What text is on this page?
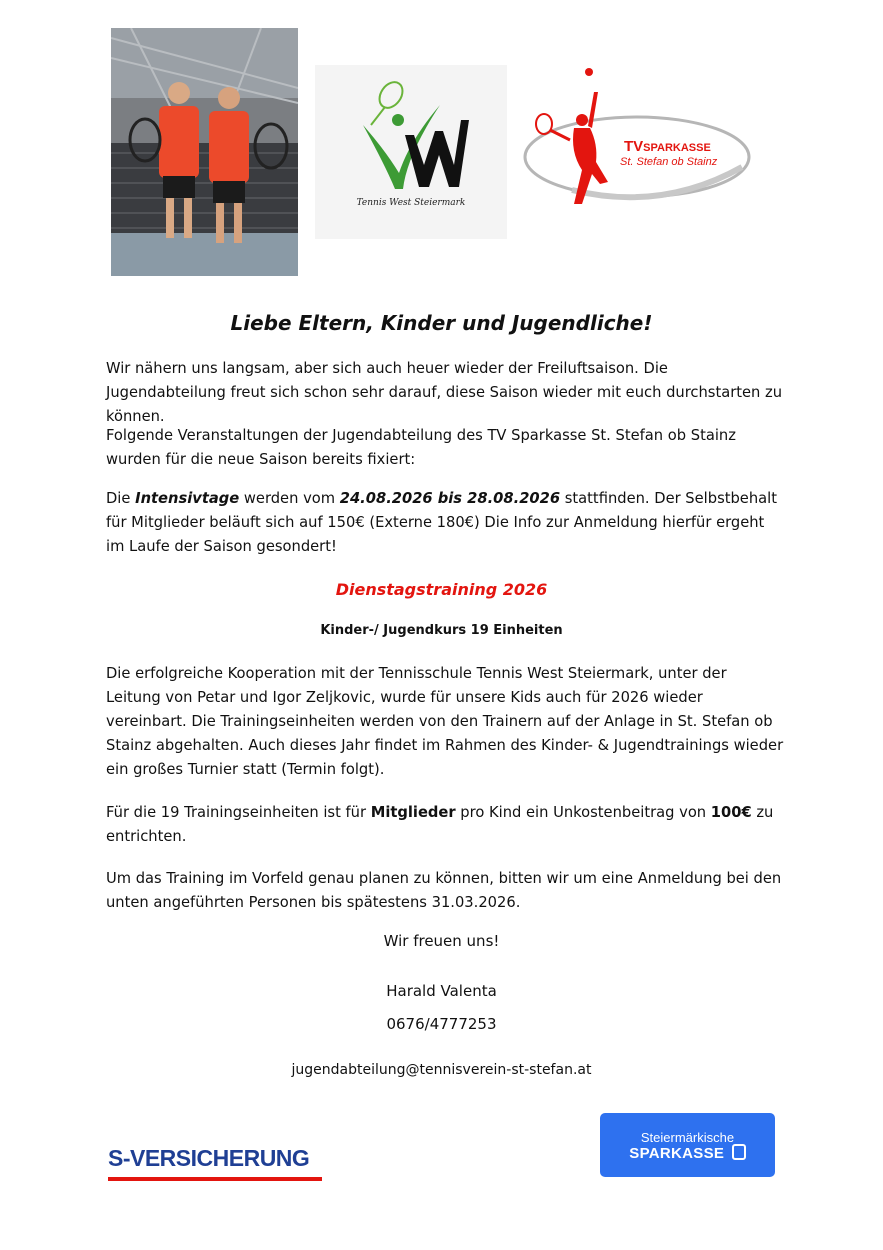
Tennis West Steiermark
TVSPARKASSE
St. Stefan ob Stainz
Liebe Eltern, Kinder und Jugendliche!

Wir nähern uns langsam, aber sich auch heuer wieder der Freiluftsaison. Die Jugendabteilung freut sich schon sehr darauf, diese Saison wieder mit euch durchstarten zu können.

Folgende Veranstaltungen der Jugendabteilung des TV Sparkasse St. Stefan ob Stainz wurden für die neue Saison bereits fixiert:

Die Intensivtage werden vom 24.08.2026 bis 28.08.2026 stattfinden. Der Selbstbehalt für Mitglieder beläuft sich auf 150€ (Externe 180€) Die Info zur Anmeldung hierfür ergeht im Laufe der Saison gesondert!

Dienstagstraining 2026

Kinder-/ Jugendkurs 19 Einheiten

Die erfolgreiche Kooperation mit der Tennisschule Tennis West Steiermark, unter der Leitung von Petar und Igor Zeljkovic, wurde für unsere Kids auch für 2026 wieder vereinbart. Die Trainingseinheiten werden von den Trainern auf der Anlage in St. Stefan ob Stainz abgehalten. Auch dieses Jahr findet im Rahmen des Kinder- & Jugendtrainings wieder ein großes Turnier statt (Termin folgt).

Für die 19 Trainingseinheiten ist für Mitglieder pro Kind ein Unkostenbeitrag von 100€ zu entrichten.

Um das Training im Vorfeld genau planen zu können, bitten wir um eine Anmeldung bei den unten angeführten Personen bis spätestens 31.03.2026.

Wir freuen uns!

Harald Valenta

0676/4777253

jugendabteilung@tennisverein-st-stefan.at

S-VERSICHERUNG
Steiermärkische
SPARKASSE
